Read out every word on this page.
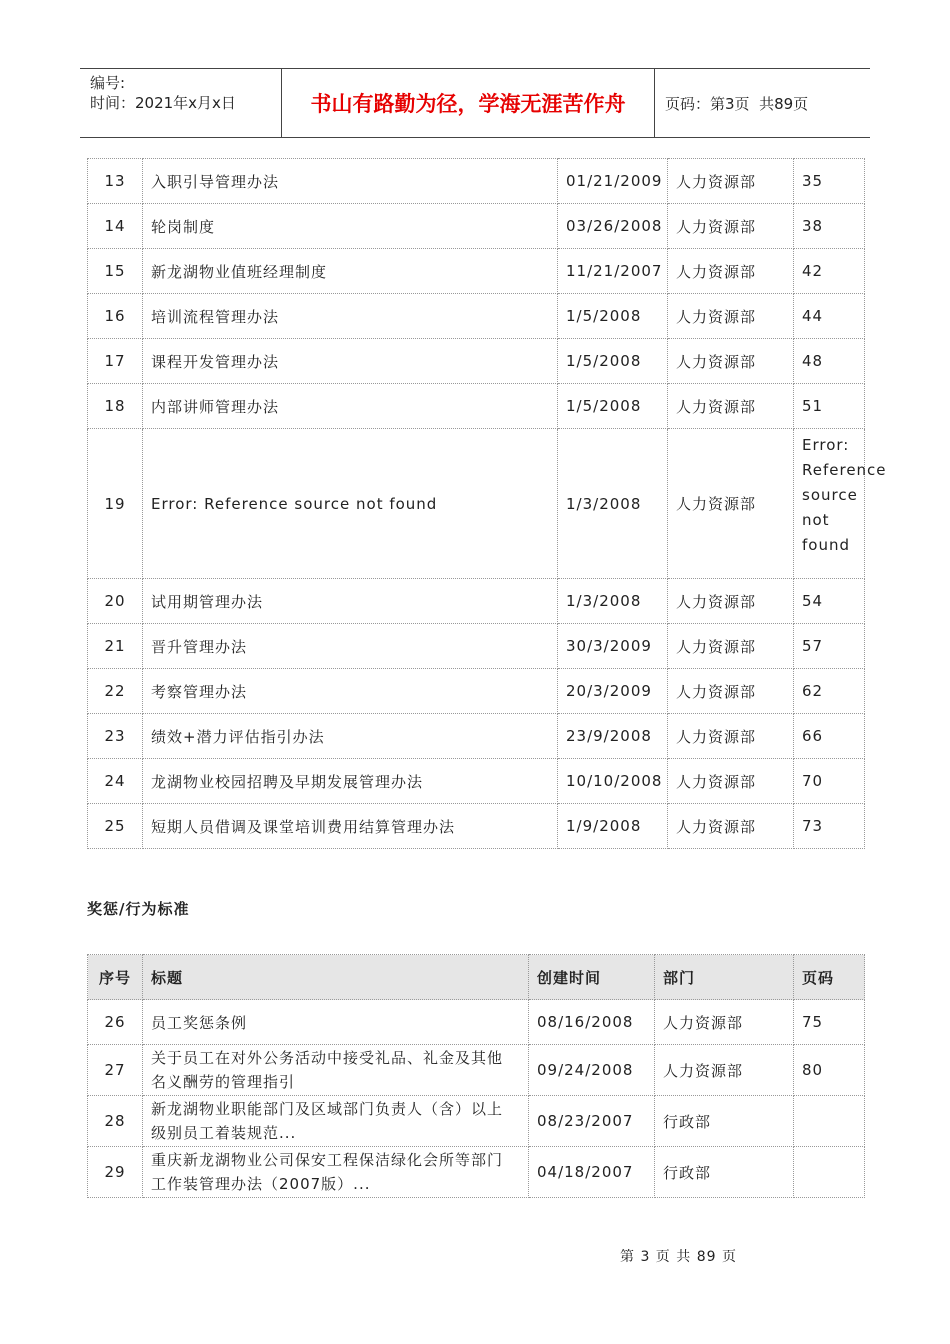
编号:
时间：2021年x月x日	书山有路勤为径，学海无涯苦作舟	页码：第3页  共89页
13	入职引导管理办法	01/21/2009	人力资源部	35
14	轮岗制度	03/26/2008	人力资源部	38
15	新龙湖物业值班经理制度	11/21/2007	人力资源部	42
16	培训流程管理办法	1/5/2008	人力资源部	44
17	课程开发管理办法	1/5/2008	人力资源部	48
18	内部讲师管理办法	1/5/2008	人力资源部	51
19	Error: Reference source not found	1/3/2008	人力资源部	Error: Reference source not found
20	试用期管理办法	1/3/2008	人力资源部	54
21	晋升管理办法	30/3/2009	人力资源部	57
22	考察管理办法	20/3/2009	人力资源部	62
23	绩效+潜力评估指引办法	23/9/2008	人力资源部	66
24	龙湖物业校园招聘及早期发展管理办法	10/10/2008	人力资源部	70
25	短期人员借调及课堂培训费用结算管理办法	1/9/2008	人力资源部	73
奖惩/行为标准
序号	标题	创建时间	部门	页码
26	员工奖惩条例	08/16/2008	人力资源部	75
27	关于员工在对外公务活动中接受礼品、礼金及其他
名义酬劳的管理指引	09/24/2008	人力资源部	80
28	新龙湖物业职能部门及区域部门负责人（含）以上
级别员工着装规范...	08/23/2007	行政部	
29	重庆新龙湖物业公司保安工程保洁绿化会所等部门
工作装管理办法（2007版）...	04/18/2007	行政部	
第 3 页 共 89 页
